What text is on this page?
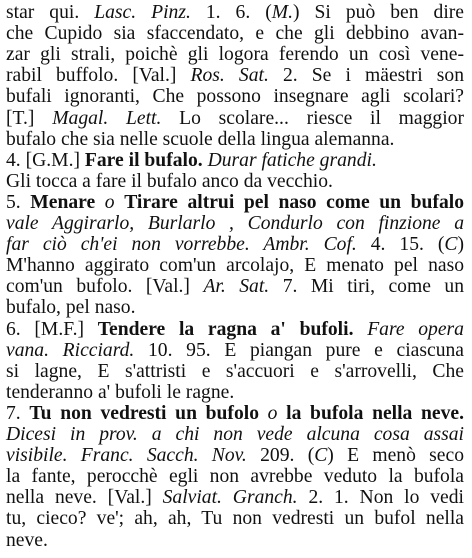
star qui. Lasc. Pinz. 1. 6. (M.) Si può ben dire
che Cupido sia sfaccendato, e che gli debbino avan-
zar gli strali, poichè gli logora ferendo un così vene-
rabil buffolo. [Val.] Ros. Sat. 2. Se i mäestri son
bufali ignoranti, Che possono insegnare agli scolari?
[T.] Magal. Lett. Lo scolare... riesce il maggior
bufalo che sia nelle scuole della lingua alemanna.
4. [G.M.] Fare il bufalo. Durar fatiche grandi.
Gli tocca a fare il bufalo anco da vecchio.
5. Menare o Tirare altrui pel naso come un bufalo
vale Aggirarlo, Burlarlo , Condurlo con finzione a
far ciò ch'ei non vorrebbe. Ambr. Cof. 4. 15. (C)
M'hanno aggirato com'un arcolajo, E menato pel naso
com'un bufolo. [Val.] Ar. Sat. 7. Mi tiri, come un
bufalo, pel naso.
6. [M.F.] Tendere la ragna a' bufoli. Fare opera
vana. Ricciard. 10. 95. E piangan pure e ciascuna
si lagne, E s'attristi e s'accuori e s'arrovelli, Che
tenderanno a' bufoli le ragne.
7. Tu non vedresti un bufolo o la bufola nella neve.
Dicesi in prov. a chi non vede alcuna cosa assai
visibile. Franc. Sacch. Nov. 209. (C) E menò seco
la fante, perocchè egli non avrebbe veduto la bufola
nella neve. [Val.] Salviat. Granch. 2. 1. Non lo vedi
tu, cieco? ve'; ah, ah, Tu non vedresti un bufol nella
neve.
